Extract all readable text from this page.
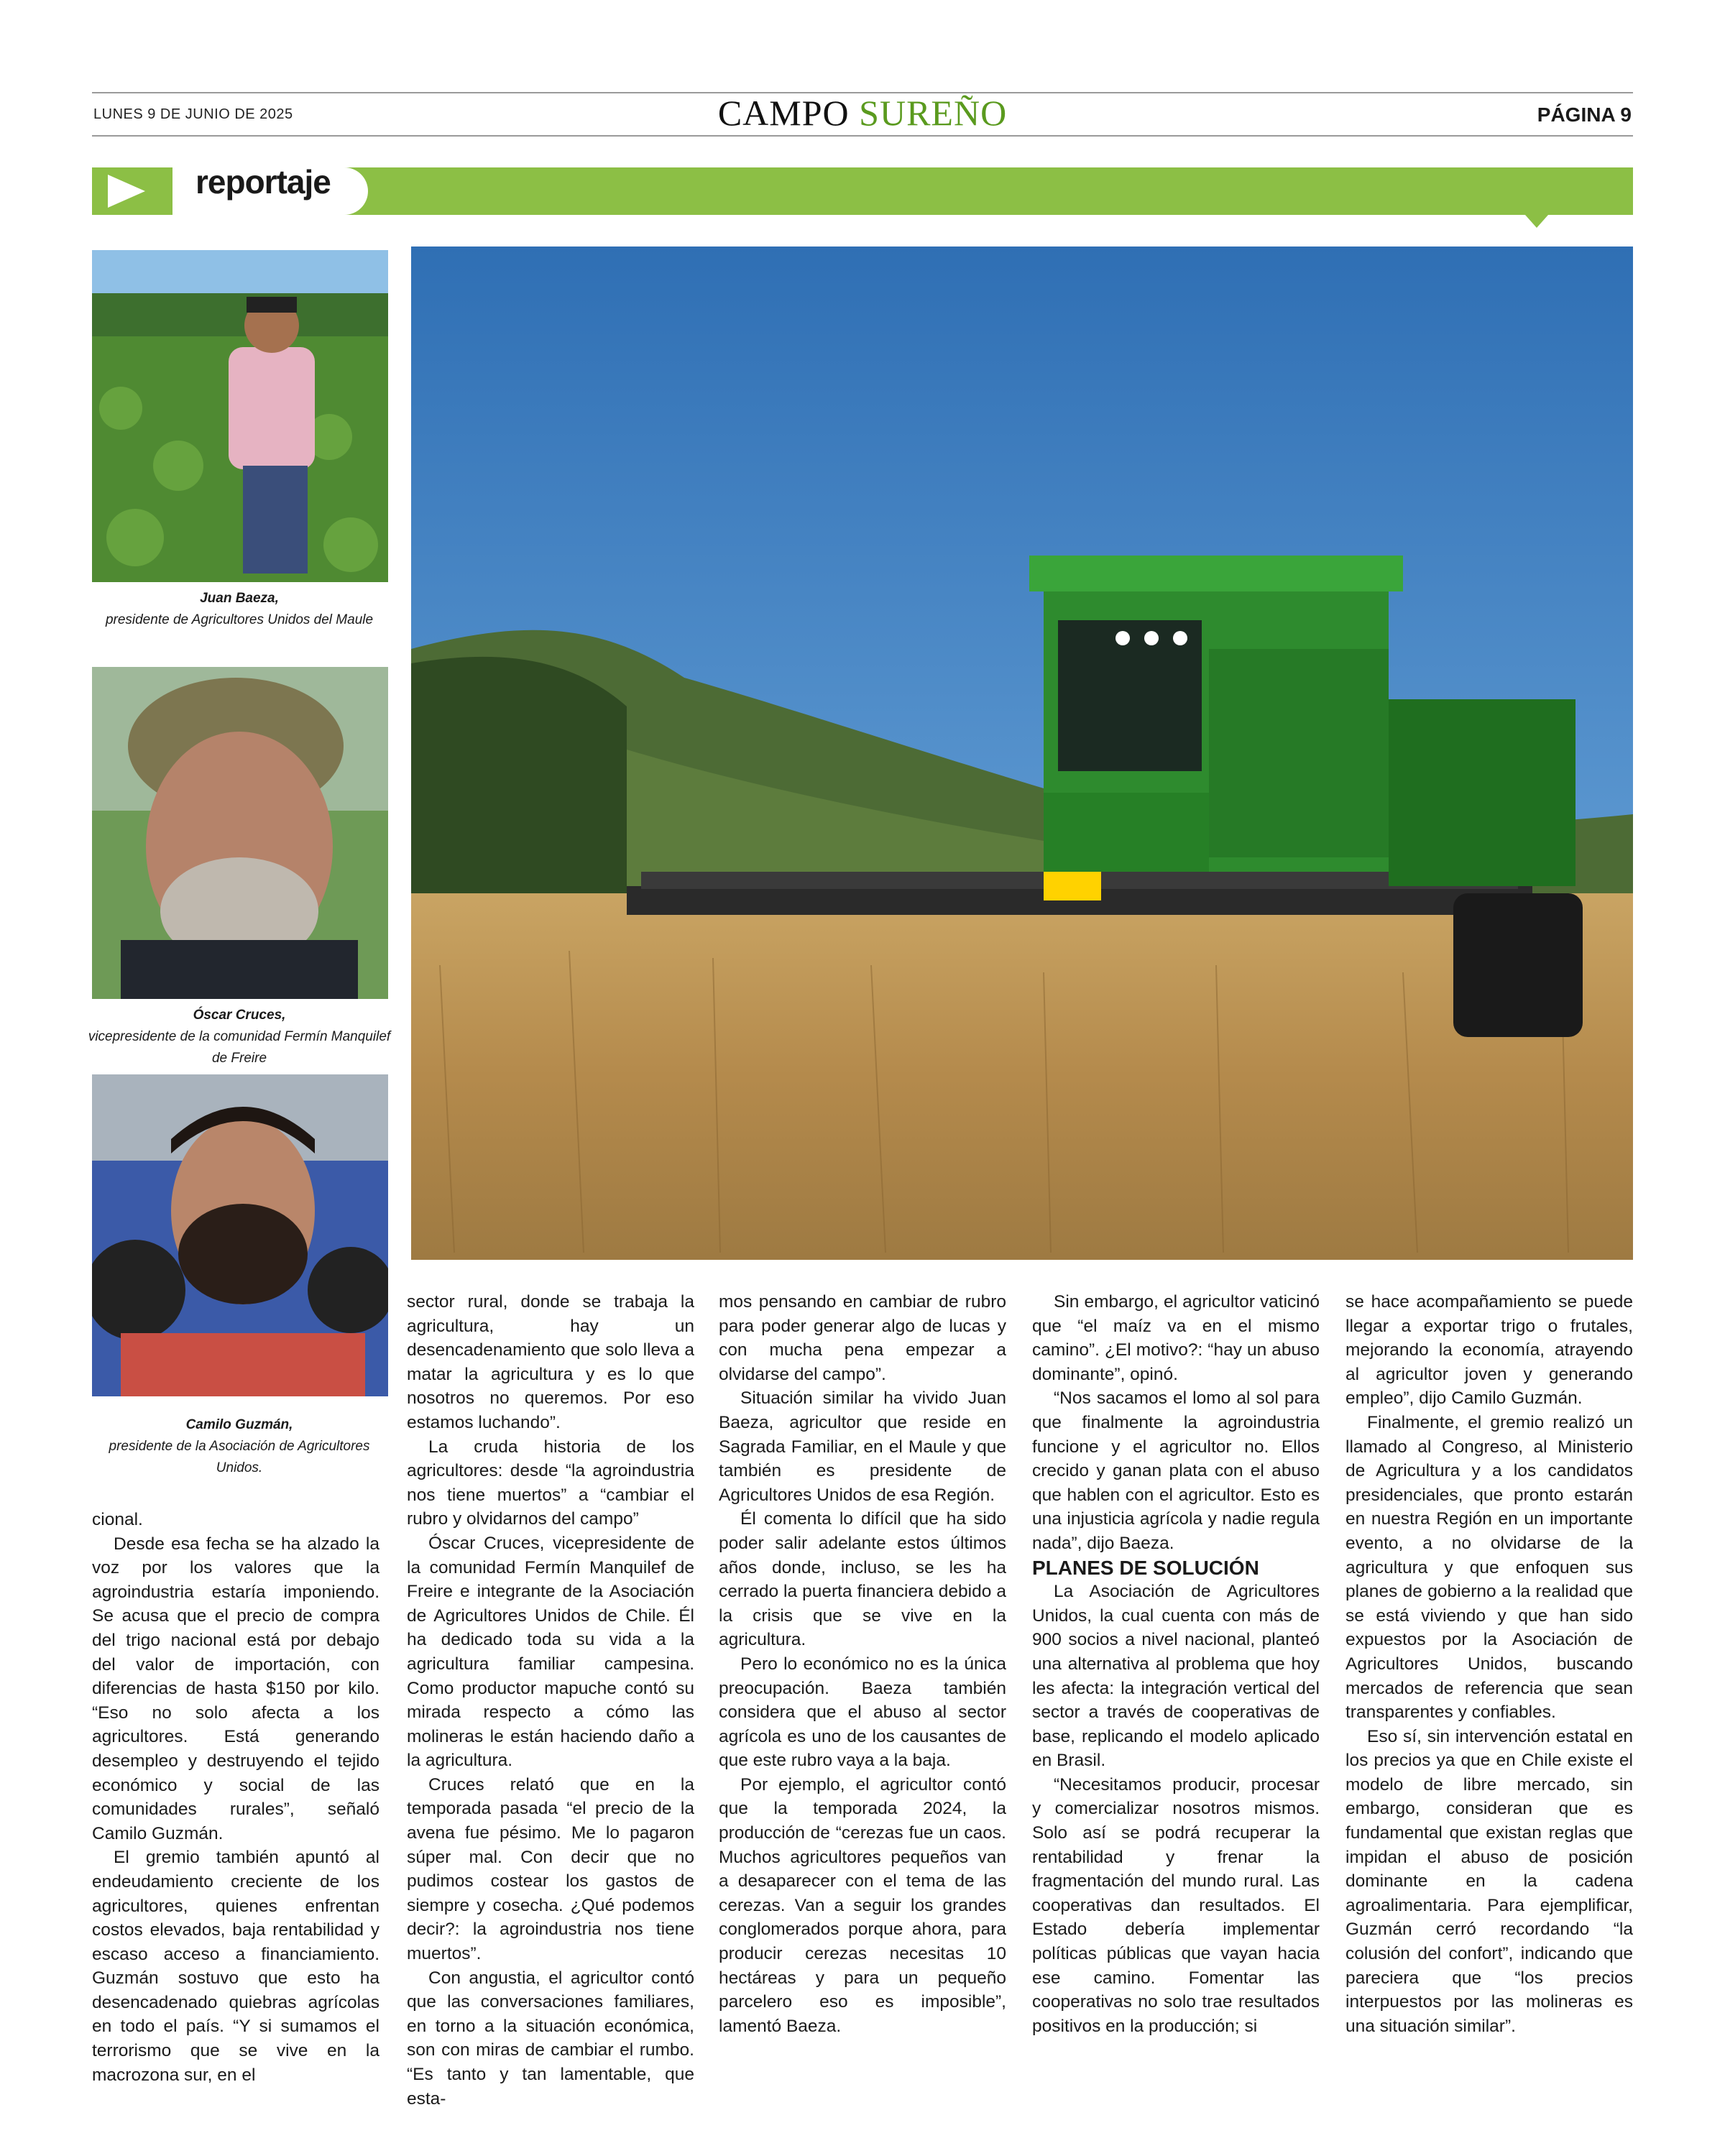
LUNES 9 DE JUNIO DE 2025	CAMPO SUREÑO	PÁGINA 9
reportaje
Juan Baeza,
presidente de Agricultores Unidos del Maule
Óscar Cruces,
vicepresidente de la comunidad Fermín Manquilef de Freire
Camilo Guzmán,
presidente de la Asociación de Agricultores Unidos.

cional.

Desde esa fecha se ha alzado la voz por los valores que la agroindustria estaría imponiendo. Se acusa que el precio de compra del trigo nacional está por debajo del valor de importación, con diferencias de hasta $150 por kilo. “Eso no solo afecta a los agricultores. Está generando desempleo y destruyendo el tejido económico y social de las comunidades rurales”, señaló Camilo Guzmán.

El gremio también apuntó al endeudamiento creciente de los agricultores, quienes enfrentan costos elevados, baja rentabilidad y escaso acceso a financiamiento. Guzmán sostuvo que esto ha desencadenado quiebras agrícolas en todo el país. “Y si sumamos el terrorismo que se vive en la macrozona sur, en el

sector rural, donde se trabaja la agricultura, hay un desencadenamiento que solo lleva a matar la agricultura y es lo que nosotros no queremos. Por eso estamos luchando”.

La cruda historia de los agricultores: desde “la agroindustria nos tiene muertos” a “cambiar el rubro y olvidarnos del campo”

Óscar Cruces, vicepresidente de la comunidad Fermín Manquilef de Freire e integrante de la Asociación de Agricultores Unidos de Chile. Él ha dedicado toda su vida a la agricultura familiar campesina. Como productor mapuche contó su mirada respecto a cómo las molineras le están haciendo daño a la agricultura.

Cruces relató que en la temporada pasada “el precio de la avena fue pésimo. Me lo pagaron súper mal. Con decir que no pudimos costear los gastos de siempre y cosecha. ¿Qué podemos decir?: la agroindustria nos tiene muertos”.

Con angustia, el agricultor contó que las conversaciones familiares, en torno a la situación económica, son con miras de cambiar el rumbo. “Es tanto y tan lamentable, que esta-

mos pensando en cambiar de rubro para poder generar algo de lucas y con mucha pena empezar a olvidarse del campo”.

Situación similar ha vivido Juan Baeza, agricultor que reside en Sagrada Familiar, en el Maule y que también es presidente de Agricultores Unidos de esa Región.

Él comenta lo difícil que ha sido poder salir adelante estos últimos años donde, incluso, se les ha cerrado la puerta financiera debido a la crisis que se vive en la agricultura.

Pero lo económico no es la única preocupación. Baeza también considera que el abuso al sector agrícola es uno de los causantes de que este rubro vaya a la baja.

Por ejemplo, el agricultor contó que la temporada 2024, la producción de “cerezas fue un caos. Muchos agricultores pequeños van a desaparecer con el tema de las cerezas. Van a seguir los grandes conglomerados porque ahora, para producir cerezas necesitas 10 hectáreas y para un pequeño parcelero eso es imposible”, lamentó Baeza.

Sin embargo, el agricultor vaticinó que “el maíz va en el mismo camino”. ¿El motivo?: “hay un abuso dominante”, opinó.

“Nos sacamos el lomo al sol para que finalmente la agroindustria funcione y el agricultor no. Ellos crecido y ganan plata con el abuso que hablen con el agricultor. Esto es una injusticia agrícola y nadie regula nada”, dijo Baeza.

PLANES DE SOLUCIÓN

La Asociación de Agricultores Unidos, la cual cuenta con más de 900 socios a nivel nacional, planteó una alternativa al problema que hoy les afecta: la integración vertical del sector a través de cooperativas de base, replicando el modelo aplicado en Brasil.

“Necesitamos producir, procesar y comercializar nosotros mismos. Solo así se podrá recuperar la rentabilidad y frenar la fragmentación del mundo rural. Las cooperativas dan resultados. El Estado debería implementar políticas públicas que vayan hacia ese camino. Fomentar las cooperativas no solo trae resultados positivos en la producción; si

se hace acompañamiento se puede llegar a exportar trigo o frutales, mejorando la economía, atrayendo al agricultor joven y generando empleo”, dijo Camilo Guzmán.

Finalmente, el gremio realizó un llamado al Congreso, al Ministerio de Agricultura y a los candidatos presidenciales, que pronto estarán en nuestra Región en un importante evento, a no olvidarse de la agricultura y que enfoquen sus planes de gobierno a la realidad que se está viviendo y que han sido expuestos por la Asociación de Agricultores Unidos, buscando mercados de referencia que sean transparentes y confiables.

Eso sí, sin intervención estatal en los precios ya que en Chile existe el modelo de libre mercado, sin embargo, consideran que es fundamental que existan reglas que impidan el abuso de posición dominante en la cadena agroalimentaria. Para ejemplificar, Guzmán cerró recordando “la colusión del confort”, indicando que pareciera que “los precios interpuestos por las molineras es una situación similar”.
